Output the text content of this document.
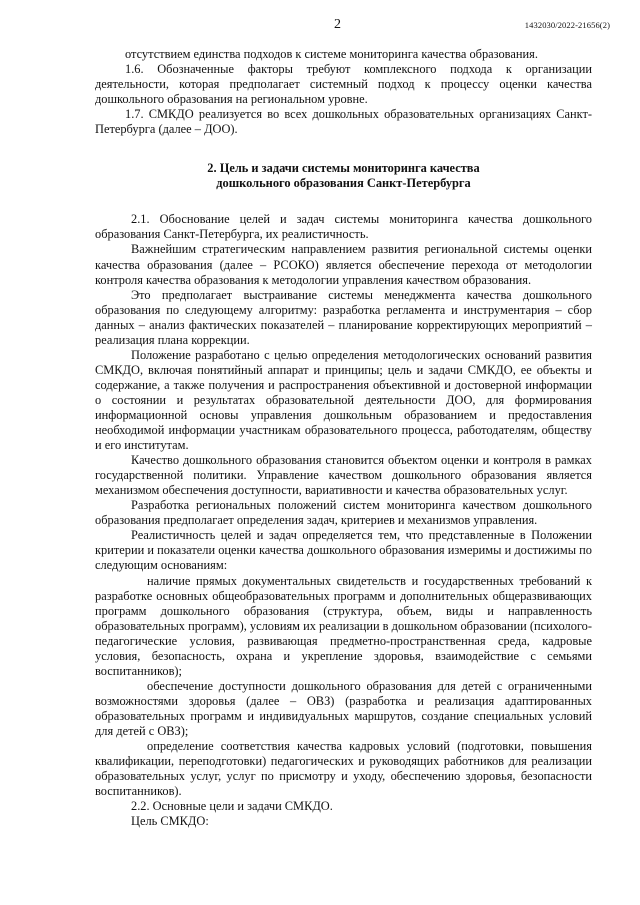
2	1432030/2022-21656(2)

отсутствием единства подходов к системе мониторинга качества образования.

1.6. Обозначенные факторы требуют комплексного подхода к организации деятельности, которая предполагает системный подход к процессу оценки качества дошкольного образования на региональном уровне.

1.7. СМКДО реализуется во всех дошкольных образовательных организациях Санкт-Петербурга (далее – ДОО).

2. Цель и задачи системы мониторинга качества
дошкольного образования Санкт-Петербурга

2.1. Обоснование целей и задач системы мониторинга качества дошкольного образования Санкт-Петербурга, их реалистичность.

Важнейшим стратегическим направлением развития региональной системы оценки качества образования (далее – РСОКО) является обеспечение перехода от методологии контроля качества образования к методологии управления качеством образования.

Это предполагает выстраивание системы менеджмента качества дошкольного образования по следующему алгоритму: разработка регламента и инструментария – сбор данных – анализ фактических показателей – планирование корректирующих мероприятий – реализация плана коррекции.

Положение разработано с целью определения методологических оснований развития СМКДО, включая понятийный аппарат и принципы; цель и задачи СМКДО, ее объекты и содержание, а также получения и распространения объективной и достоверной информации о состоянии и результатах образовательной деятельности ДОО, для формирования информационной основы управления дошкольным образованием и предоставления необходимой информации участникам образовательного процесса, работодателям, обществу и его институтам.

Качество дошкольного образования становится объектом оценки и контроля в рамках государственной политики. Управление качеством дошкольного образования является механизмом обеспечения доступности, вариативности и качества образовательных услуг.

Разработка региональных положений систем мониторинга качеством дошкольного образования предполагает определения задач, критериев и механизмов управления.

Реалистичность целей и задач определяется тем, что представленные в Положении критерии и показатели оценки качества дошкольного образования измеримы и достижимы по следующим основаниям:

наличие прямых документальных свидетельств и государственных требований к разработке основных общеобразовательных программ и дополнительных общеразвивающих программ дошкольного образования (структура, объем, виды и направленность образовательных программ), условиям их реализации в дошкольном образовании (психолого-педагогические условия, развивающая предметно-пространственная среда, кадровые условия, безопасность, охрана и укрепление здоровья, взаимодействие с семьями воспитанников);

обеспечение доступности дошкольного образования для детей с ограниченными возможностями здоровья (далее – ОВЗ) (разработка и реализация адаптированных образовательных программ и индивидуальных маршрутов, создание специальных условий для детей с ОВЗ);

определение соответствия качества кадровых условий (подготовки, повышения квалификации, переподготовки) педагогических и руководящих работников для реализации образовательных услуг, услуг по присмотру и уходу, обеспечению здоровья, безопасности воспитанников).

2.2. Основные цели и задачи СМКДО.

Цель СМКДО:
